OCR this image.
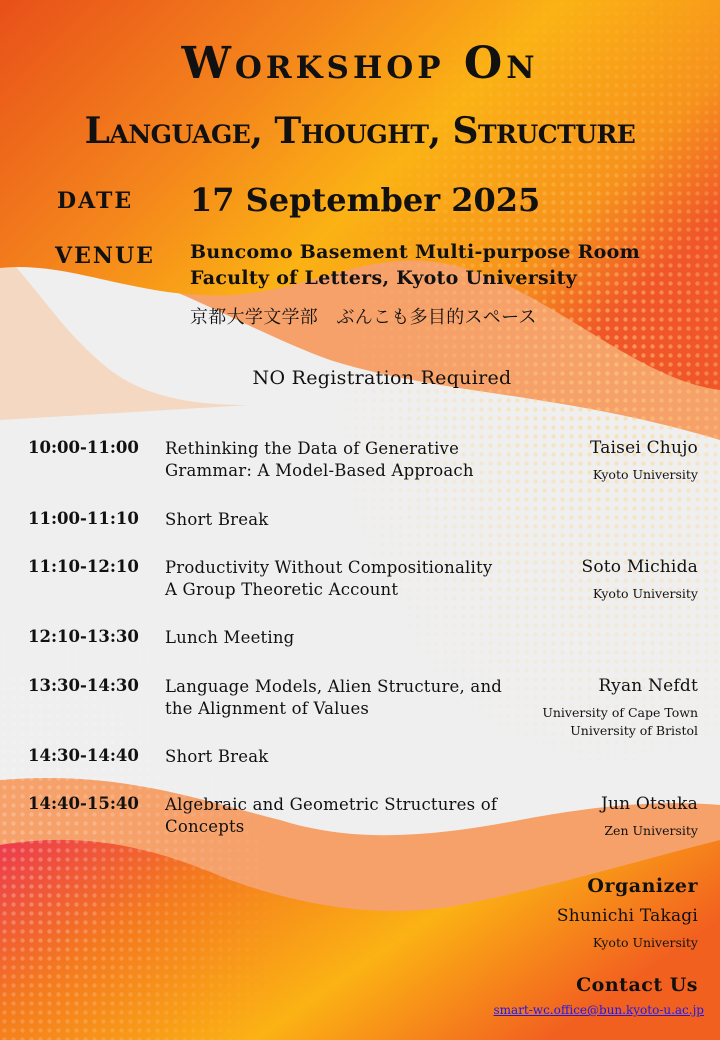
Workshop On
Language, Thought, Structure
DATE 17 September 2025
VENUE Buncomo Basement Multi-purpose Room
Faculty of Letters, Kyoto University
京都大学文学部　ぶんこも多目的スペース
NO Registration Required
10:00-11:00 Rethinking the Data of Generative
Grammar: A Model-Based Approach
Taisei Chujo
Kyoto University
11:00-11:10 Short Break
11:10-12:10 Productivity Without Compositionality
A Group Theoretic Account
Soto Michida
Kyoto University
12:10-13:30 Lunch Meeting
13:30-14:30 Language Models, Alien Structure, and
the Alignment of Values
Ryan Nefdt
University of Cape Town
University of Bristol
14:30-14:40 Short Break
14:40-15:40 Algebraic and Geometric Structures of
Concepts
Jun Otsuka
Zen University
Organizer
Shunichi Takagi
Kyoto University
Contact Us
smart-wc.office@bun.kyoto-u.ac.jp
